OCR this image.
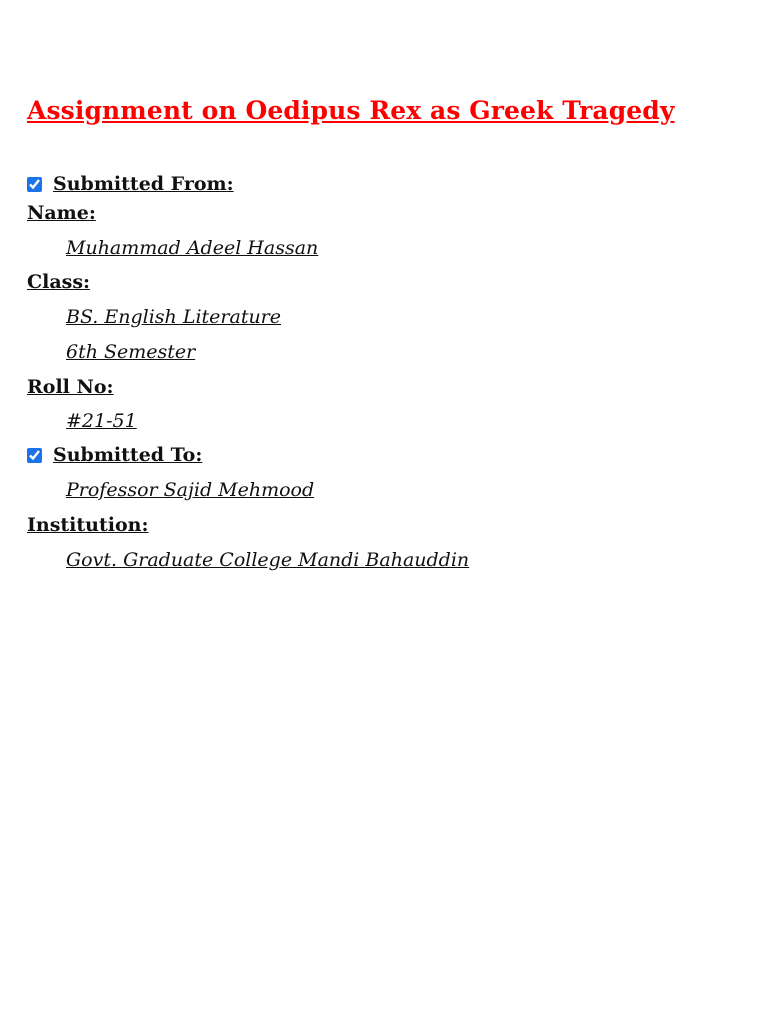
Assignment on Oedipus Rex as Greek Tragedy
Submitted From:
Name:
Muhammad Adeel Hassan
Class:
BS. English Literature
6th Semester
Roll No:
#21-51
Submitted To:
Professor Sajid Mehmood
Institution:
Govt. Graduate College Mandi Bahauddin
